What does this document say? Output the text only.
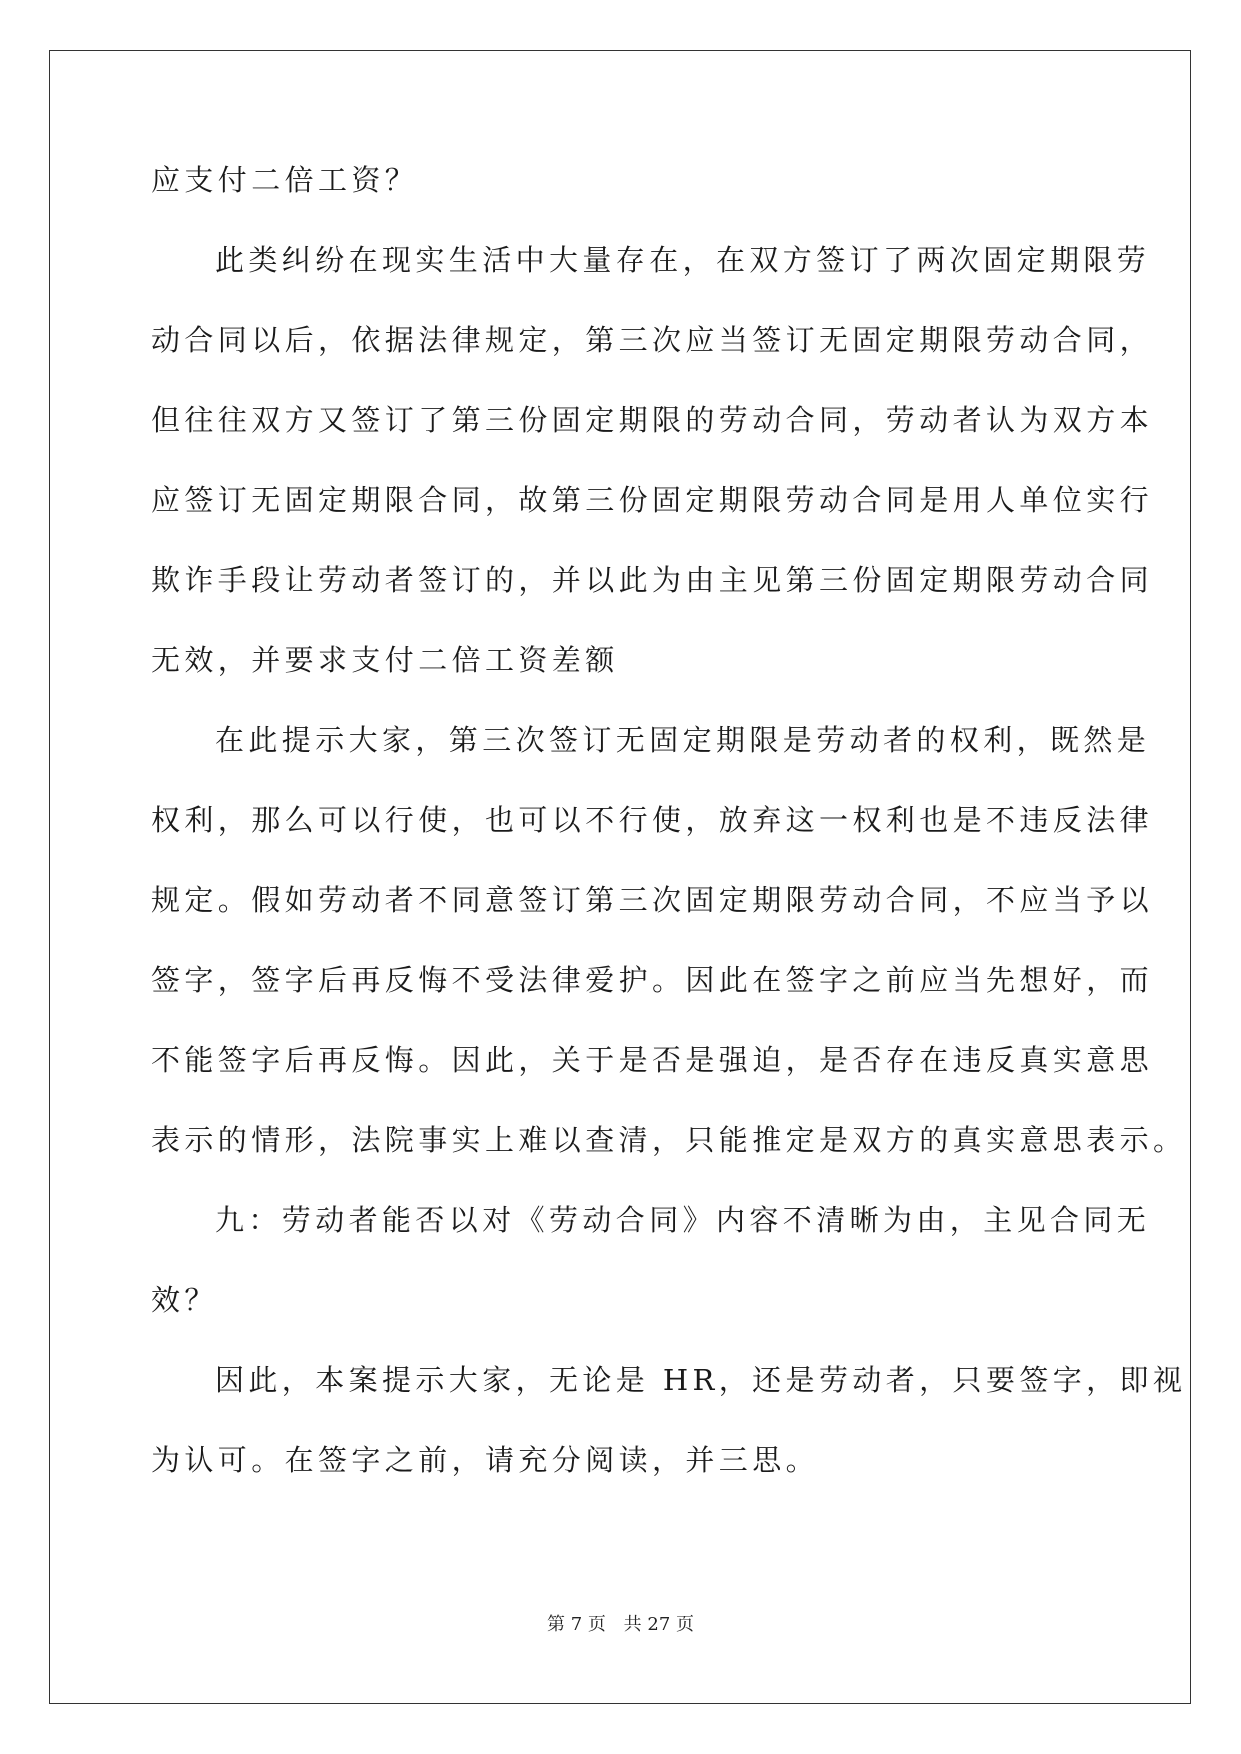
应支付二倍工资？
此类纠纷在现实生活中大量存在，在双方签订了两次固定期限劳
动合同以后，依据法律规定，第三次应当签订无固定期限劳动合同，
但往往双方又签订了第三份固定期限的劳动合同，劳动者认为双方本
应签订无固定期限合同，故第三份固定期限劳动合同是用人单位实行
欺诈手段让劳动者签订的，并以此为由主见第三份固定期限劳动合同
无效，并要求支付二倍工资差额
在此提示大家，第三次签订无固定期限是劳动者的权利，既然是
权利，那么可以行使，也可以不行使，放弃这一权利也是不违反法律
规定。假如劳动者不同意签订第三次固定期限劳动合同，不应当予以
签字，签字后再反悔不受法律爱护。因此在签字之前应当先想好，而
不能签字后再反悔。因此，关于是否是强迫，是否存在违反真实意思
表示的情形，法院事实上难以查清，只能推定是双方的真实意思表示。
九：劳动者能否以对《劳动合同》内容不清晰为由，主见合同无
效？
因此，本案提示大家，无论是 HR，还是劳动者，只要签字，即视
为认可。在签字之前，请充分阅读，并三思。
第 7 页 共 27 页
